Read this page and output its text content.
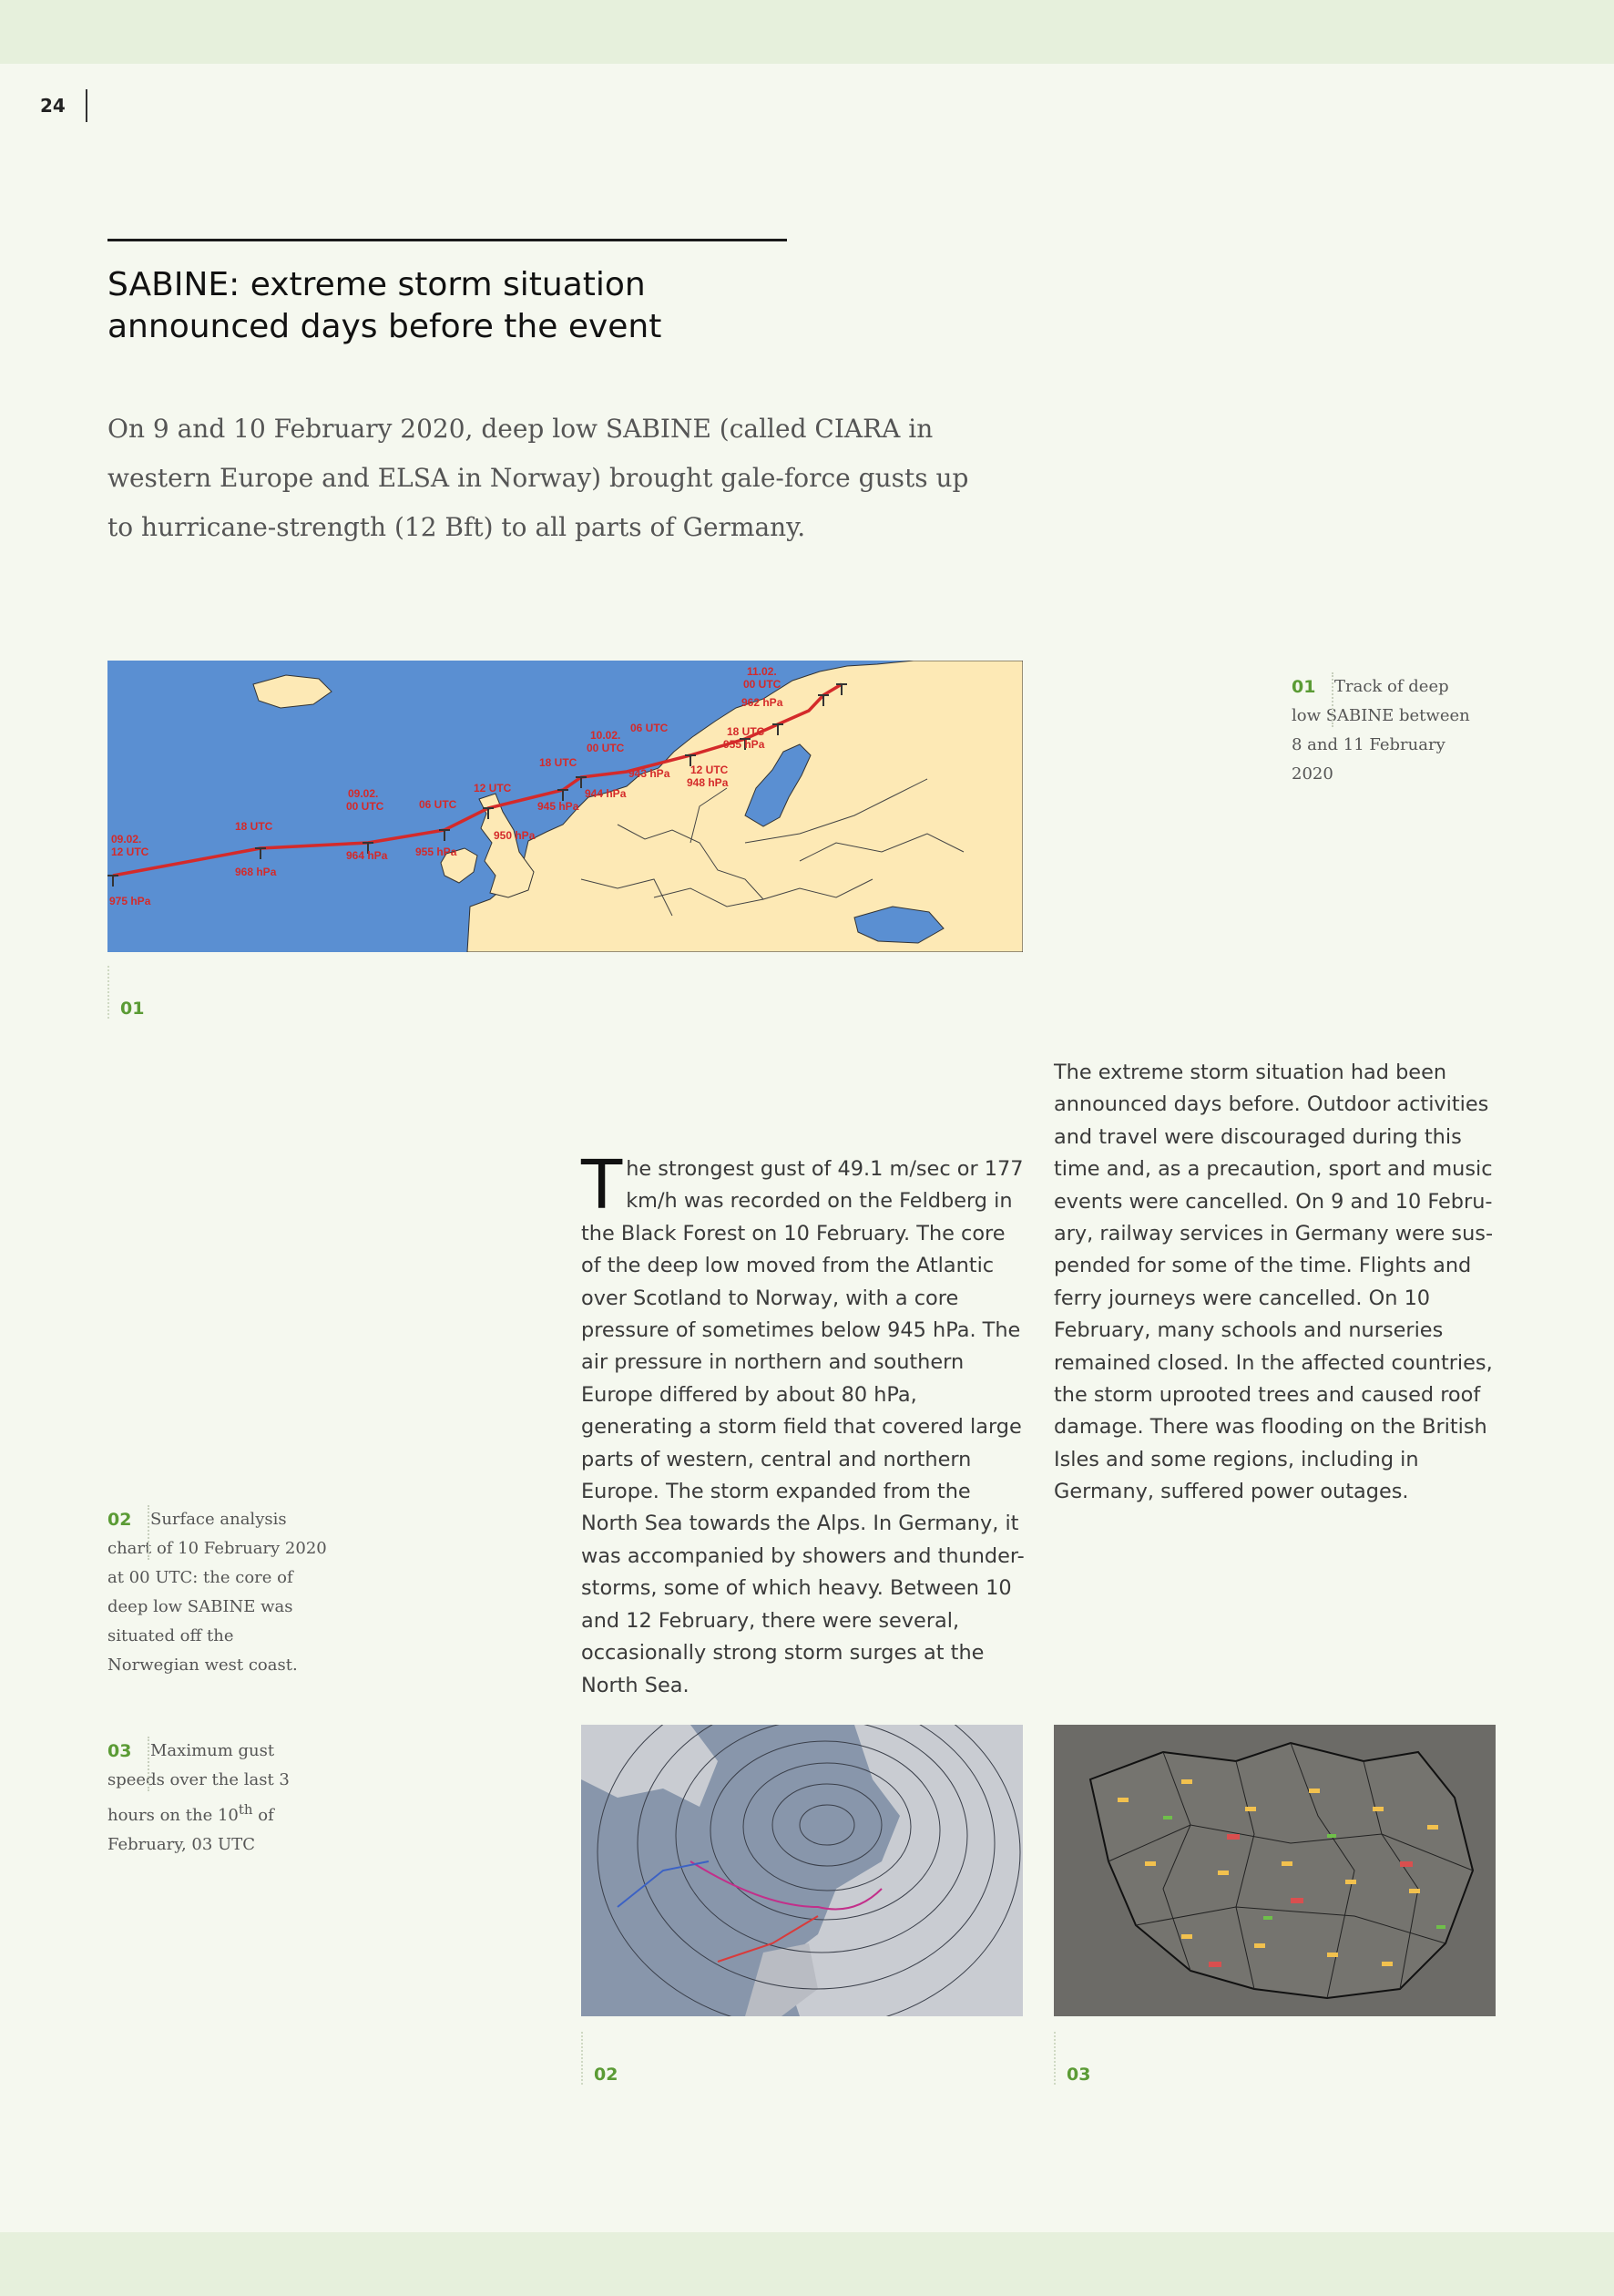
24
SABINE: extreme storm situation announced days before the event

On 9 and 10 February 2020, deep low SABINE (called CIARA in western Europe and ELSA in Norway) brought gale-force gusts up to hurricane-strength (12 Bft) to all parts of Germany.

09.02.
12 UTC
975 hPa
18 UTC
968 hPa
09.02.
00 UTC
964 hPa
06 UTC
955 hPa
12 UTC
950 hPa
18 UTC
945 hPa
10.02.
00 UTC
944 hPa
06 UTC
943 hPa 12 UTC
948 hPa
18 UTC
955 hPa
11.02.
00 UTC
962 hPa
01
01	Track of deep low SABINE between 8 and 11 February 2020

The strongest gust of 49.1 m/sec or 177 km/h was recorded on the Feldberg in the Black Forest on 10 February. The core of the deep low moved from the Atlantic over Scotland to Norway, with a core pressure of sometimes below 945 hPa. The air pressure in northern and southern Europe differed by about 80 hPa, generating a storm field that covered large parts of western, central and northern Europe. The storm expanded from the North Sea towards the Alps. In Germany, it was accompanied by showers and thunder-storms, some of which heavy. Between 10 and 12 February, there were several, occasionally strong storm surges at the North Sea.

The extreme storm situation had been announced days before. Outdoor activities and travel were discouraged during this time and, as a precaution, sport and music events were cancelled. On 9 and 10 Febru-ary, railway services in Germany were sus-pended for some of the time. Flights and ferry journeys were cancelled. On 10 February, many schools and nurseries remained closed. In the affected countries, the storm uprooted trees and caused roof damage. There was flooding on the British Isles and some regions, including in Germany, suffered power outages.

02	Surface analysis chart of 10 February 2020 at 00 UTC: the core of deep low SABINE was situated off the Norwegian west coast.

03	Maximum gust speeds over the last 3 hours on the 10th of February, 03 UTC

02	03
